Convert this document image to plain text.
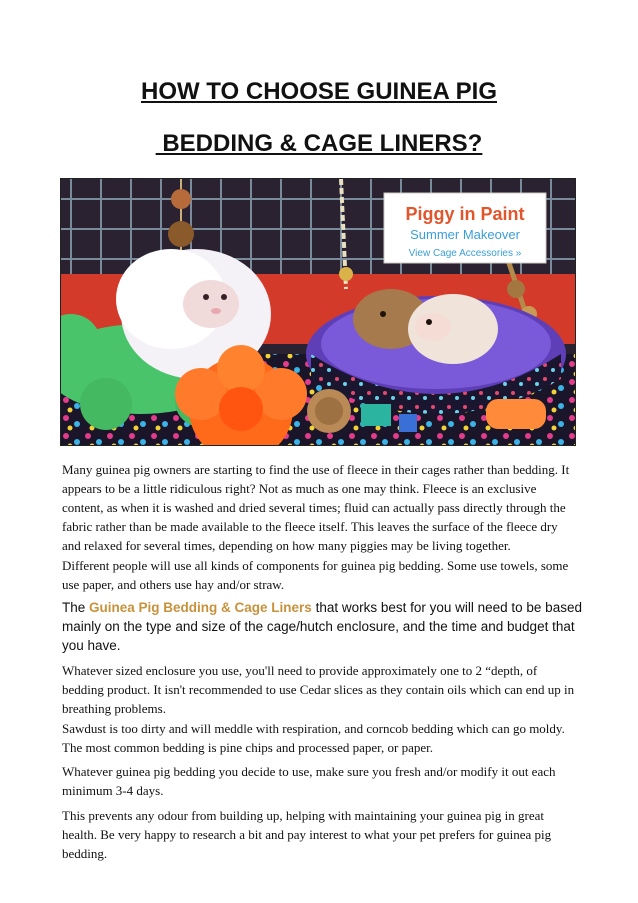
HOW TO CHOOSE GUINEA PIG
BEDDING & CAGE LINERS?
Piggy in Paint
Summer Makeover
View Cage Accessories »

Many guinea pig owners are starting to find the use of fleece in their cages rather than bedding. It appears to be a little ridiculous right? Not as much as one may think. Fleece is an exclusive content, as when it is washed and dried several times; fluid can actually pass directly through the fabric rather than be made available to the fleece itself. This leaves the surface of the fleece dry and relaxed for several times, depending on how many piggies may be living together.

Different people will use all kinds of components for guinea pig bedding. Some use towels, some use paper, and others use hay and/or straw.

The Guinea Pig Bedding & Cage Liners that works best for you will need to be based mainly on the type and size of the cage/hutch enclosure, and the time and budget that you have.

Whatever sized enclosure you use, you'll need to provide approximately one to 2 “depth, of bedding product. It isn't recommended to use Cedar slices as they contain oils which can end up in breathing problems.

Sawdust is too dirty and will meddle with respiration, and corncob bedding which can go moldy. The most common bedding is pine chips and processed paper, or paper.

Whatever guinea pig bedding you decide to use, make sure you fresh and/or modify it out each minimum 3-4 days.

This prevents any odour from building up, helping with maintaining your guinea pig in great health. Be very happy to research a bit and pay interest to what your pet prefers for guinea pig bedding.
